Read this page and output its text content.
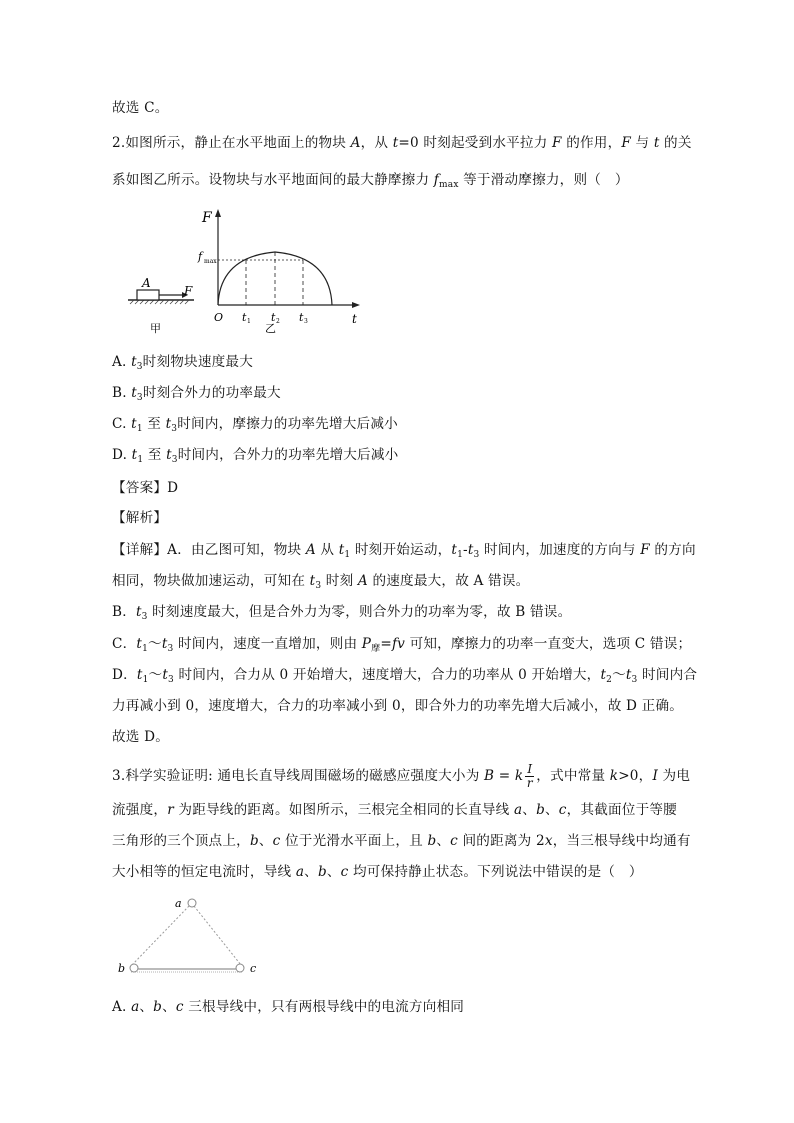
故选 C。
2.如图所示，静止在水平地面上的物块 A，从 t=0 时刻起受到水平拉力 F 的作用，F 与 t 的关
系如图乙所示。设物块与水平地面间的最大静摩擦力 $f_{max}$ 等于滑动摩擦力，则（　）
A
F
甲
F
f max
O t 1 t 2 t 3	t
乙
A. $t_3$时刻物块速度最大
B. $t_3$时刻合外力的功率最大
C. $t_1$ 至 $t_3$时间内，摩擦力的功率先增大后减小
D. $t_1$ 至 $t_3$时间内，合外力的功率先增大后减小
【答案】D
【解析】
【详解】A．由乙图可知，物块 A 从 $t_1$ 时刻开始运动，$t_1-t_3$ 时间内，加速度的方向与 F 的方向
相同，物块做加速运动，可知在 $t_3$ 时刻 A 的速度最大，故 A 错误。
B．$t_3$ 时刻速度最大，但是合外力为零，则合外力的功率为零，故 B 错误。
C．$t_1\sim t_3$ 时间内，速度一直增加，则由 $P_摩=fv$ 可知，摩擦力的功率一直变大，选项 C 错误；
D．$t_1\sim t_3$ 时间内，合力从 0 开始增大，速度增大，合力的功率从 0 开始增大，$t_2\sim t_3$ 时间内合
力再减小到 0，速度增大，合力的功率减小到 0，即合外力的功率先增大后减小，故 D 正确。
故选 D。
3.科学实验证明: 通电长直导线周围磁场的磁感应强度大小为 B = k $\frac{I}{r}$ ，式中常量 k>0，I 为电
流强度，r 为距导线的距离。如图所示，三根完全相同的长直导线 a、b、c，其截面位于等腰
三角形的三个顶点上，b、c 位于光滑水平面上，且 b、c 间的距离为 2x，当三根导线中均通有
大小相等的恒定电流时，导线 a、b、c 均可保持静止状态。下列说法中错误的是（　）
a
b	c
A. a、b、c 三根导线中，只有两根导线中的电流方向相同
